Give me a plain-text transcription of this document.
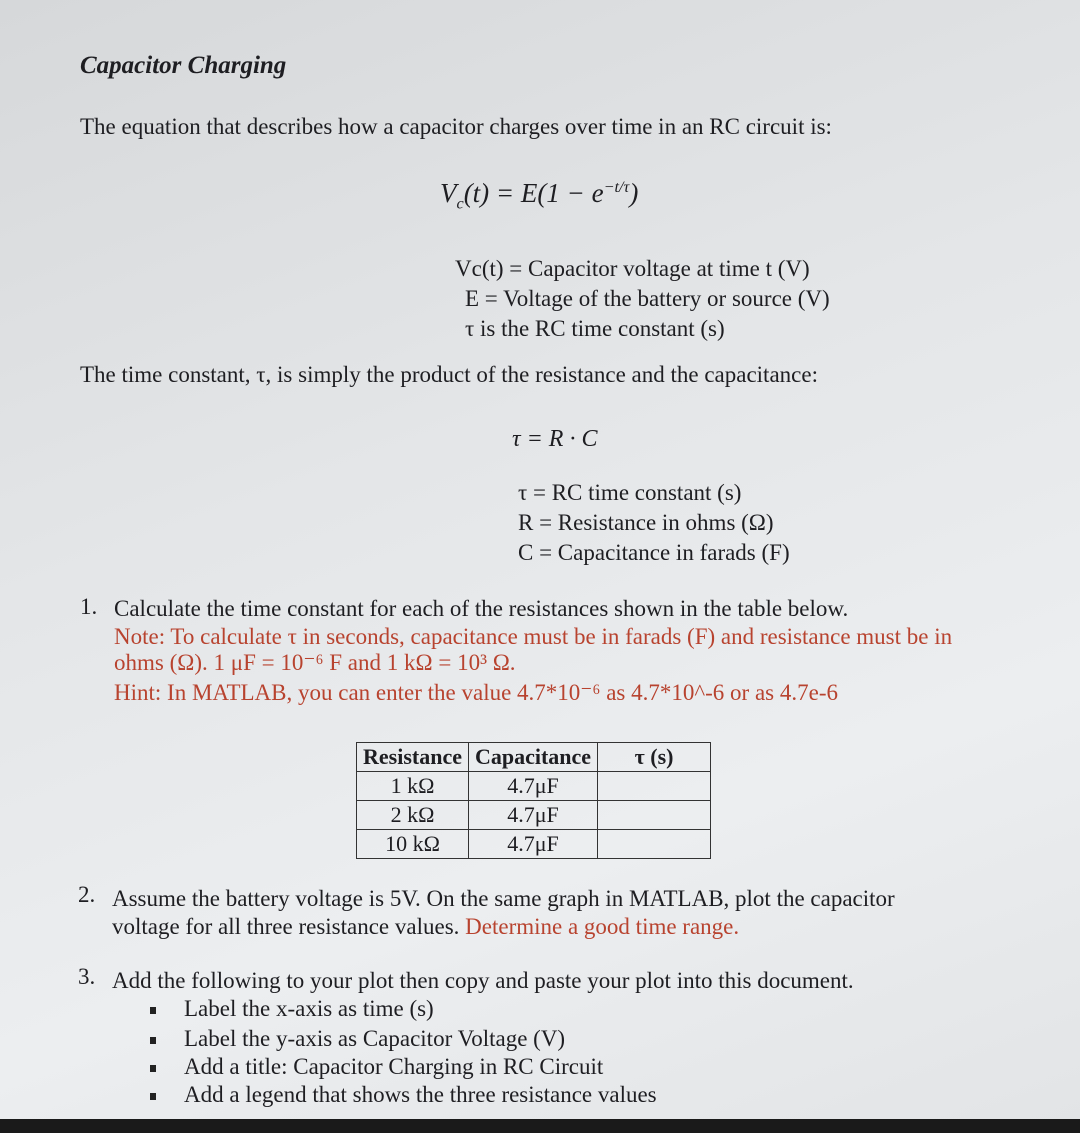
Capacitor Charging
The equation that describes how a capacitor charges over time in an RC circuit is:
$V_c(t) = E(1 - e^{-t/\tau})$
Vc(t) = Capacitor voltage at time t (V)
E = Voltage of the battery or source (V)
τ is the RC time constant (s)
The time constant, τ, is simply the product of the resistance and the capacitance:
τ = R · C
τ = RC time constant (s)
R = Resistance in ohms (Ω)
C = Capacitance in farads (F)
1. Calculate the time constant for each of the resistances shown in the table below.
Note: To calculate τ in seconds, capacitance must be in farads (F) and resistance must be in
ohms (Ω). 1 μF = 10⁻⁶ F and 1 kΩ = 10³ Ω.
Hint: In MATLAB, you can enter the value 4.7*10⁻⁶ as 4.7*10^-6 or as 4.7e-6
Resistance	Capacitance	τ (s)
1 kΩ	4.7μF	
2 kΩ	4.7μF	
10 kΩ	4.7μF	
2. Assume the battery voltage is 5V. On the same graph in MATLAB, plot the capacitor
voltage for all three resistance values. Determine a good time range.
3. Add the following to your plot then copy and paste your plot into this document.
Label the x-axis as time (s)
Label the y-axis as Capacitor Voltage (V)
Add a title: Capacitor Charging in RC Circuit
Add a legend that shows the three resistance values
